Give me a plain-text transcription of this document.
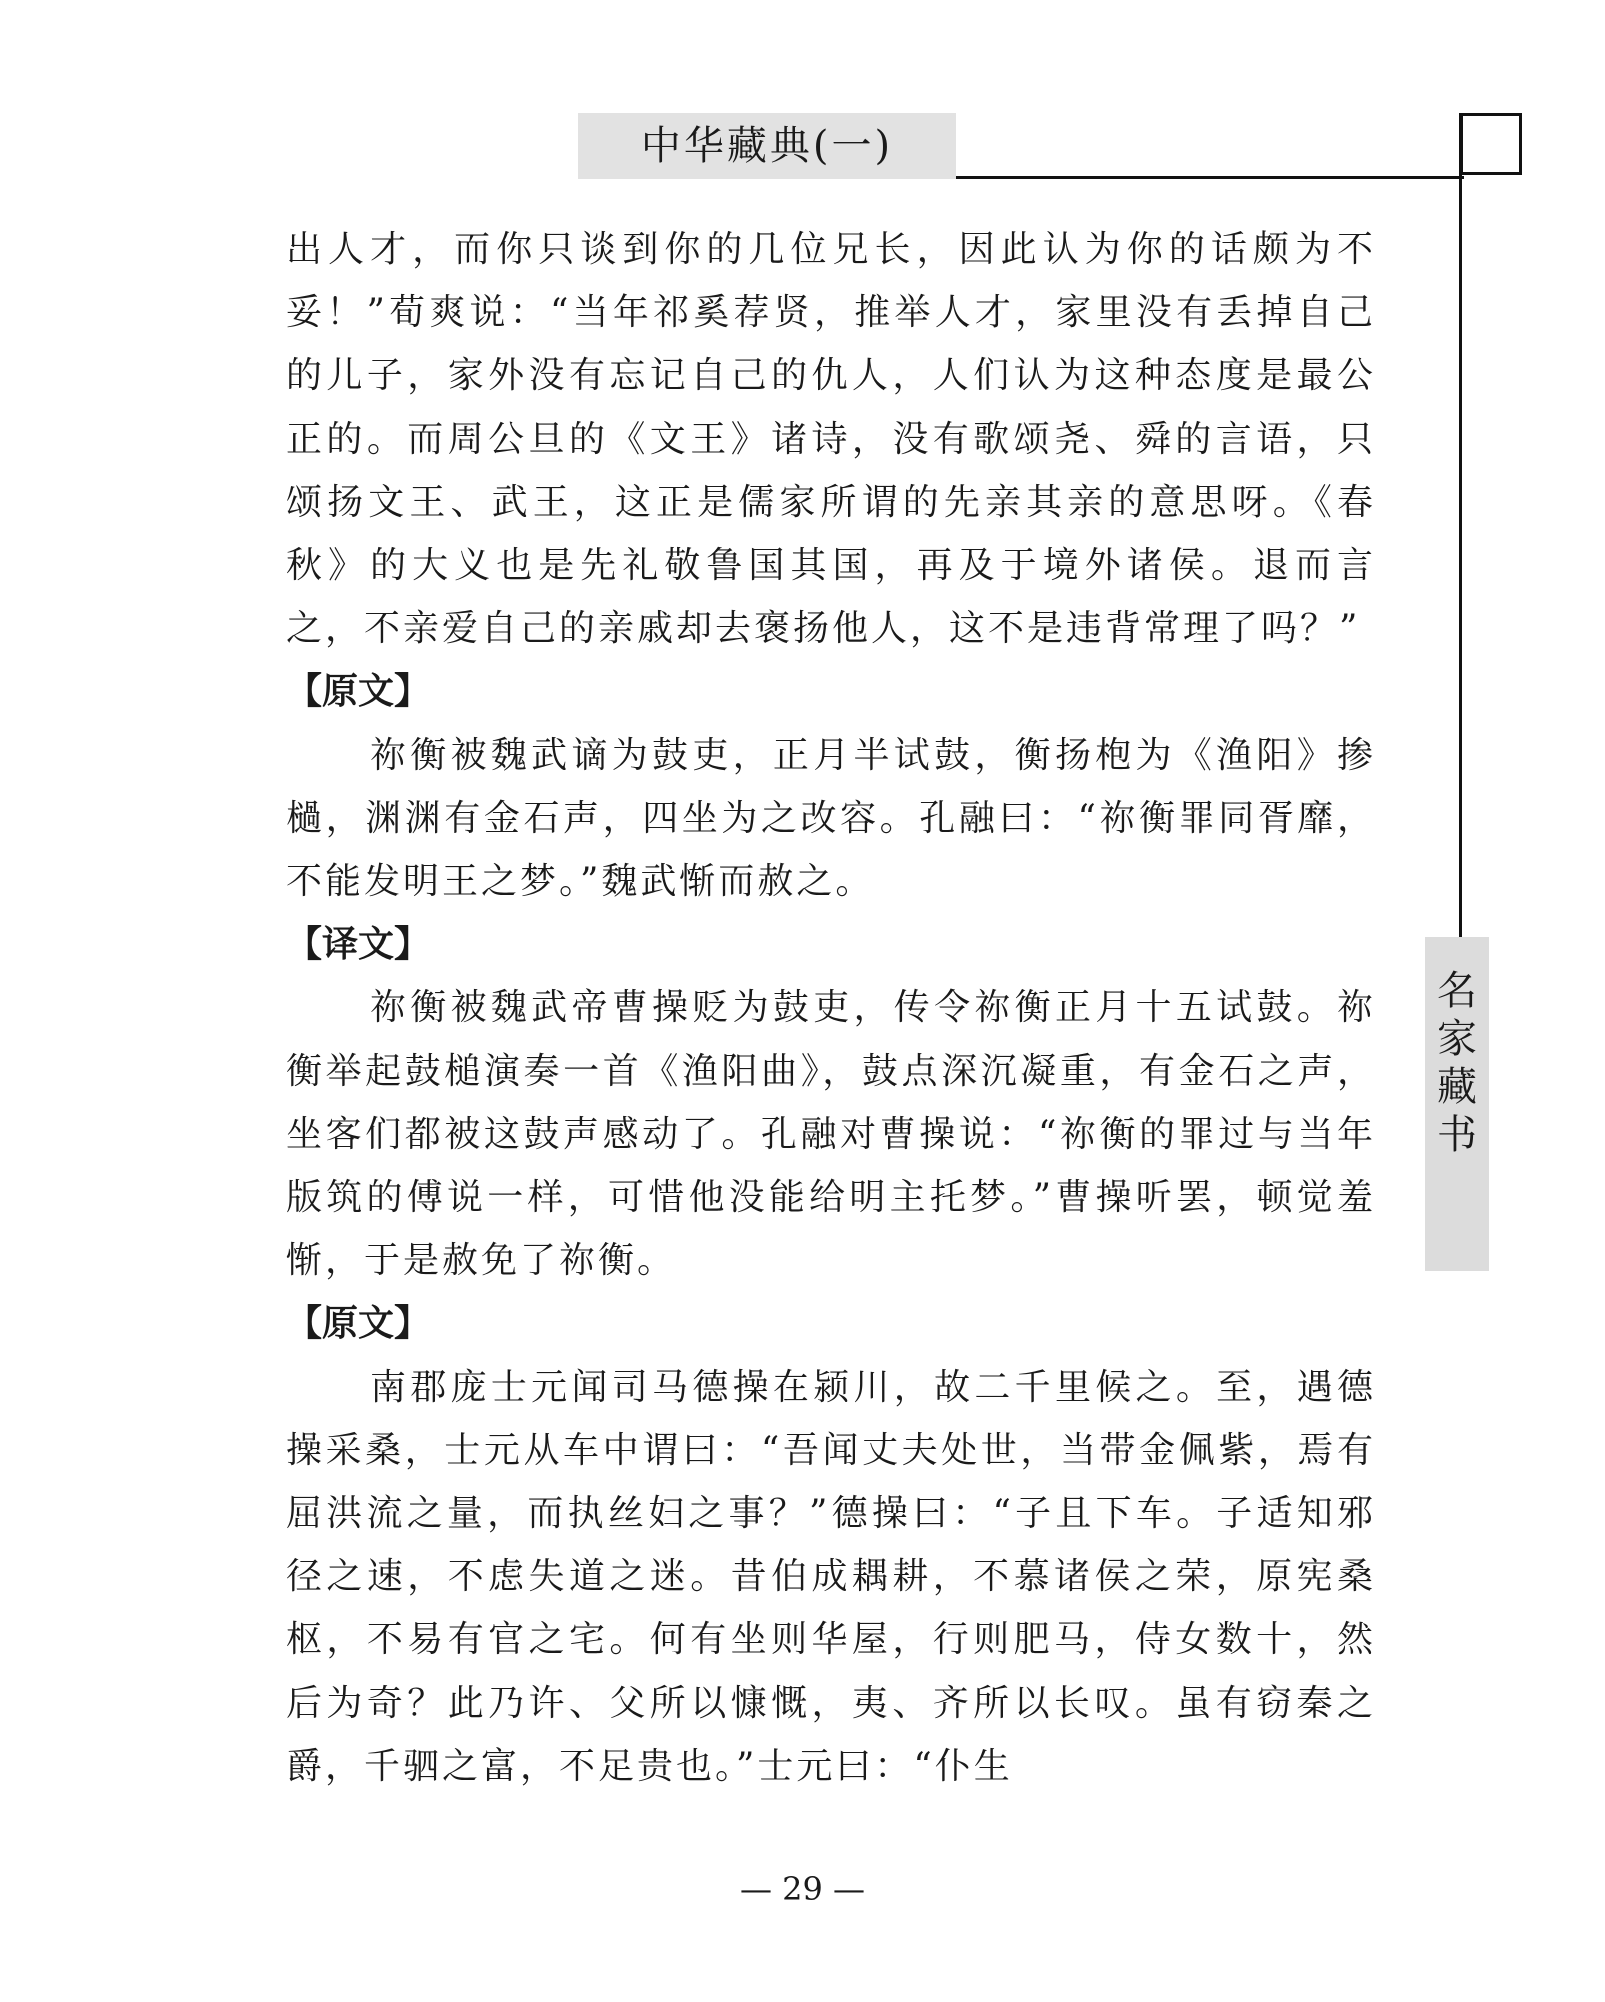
中华藏典(一)
名
家
藏
书

出人才，而你只谈到你的几位兄长，因此认为你的话颇为不妥！”荀爽说：“当年祁奚荐贤，推举人才，家里没有丢掉自己的儿子，家外没有忘记自己的仇人，人们认为这种态度是最公正的。而周公旦的《文王》诸诗，没有歌颂尧、舜的言语，只颂扬文王、武王，这正是儒家所谓的先亲其亲的意思呀。《春秋》的大义也是先礼敬鲁国其国，再及于境外诸侯。退而言之，不亲爱自己的亲戚却去褒扬他人，这不是违背常理了吗？”

【原文】

祢衡被魏武谪为鼓吏，正月半试鼓，衡扬枹为《渔阳》掺檛，渊渊有金石声，四坐为之改容。孔融曰：“祢衡罪同胥靡，不能发明王之梦。”魏武惭而赦之。

【译文】

祢衡被魏武帝曹操贬为鼓吏，传令祢衡正月十五试鼓。祢衡举起鼓槌演奏一首《渔阳曲》，鼓点深沉凝重，有金石之声，坐客们都被这鼓声感动了。孔融对曹操说：“祢衡的罪过与当年版筑的傅说一样，可惜他没能给明主托梦。”曹操听罢，顿觉羞惭，于是赦免了祢衡。

【原文】

南郡庞士元闻司马德操在颍川，故二千里候之。至，遇德操采桑，士元从车中谓曰：“吾闻丈夫处世，当带金佩紫，焉有屈洪流之量，而执丝妇之事？”德操曰：“子且下车。子适知邪径之速，不虑失道之迷。昔伯成耦耕，不慕诸侯之荣，原宪桑枢，不易有官之宅。何有坐则华屋，行则肥马，侍女数十，然后为奇？此乃许、父所以慷慨，夷、齐所以长叹。虽有窃秦之爵，千驷之富，不足贵也。”士元曰：“仆生

— 29 —
